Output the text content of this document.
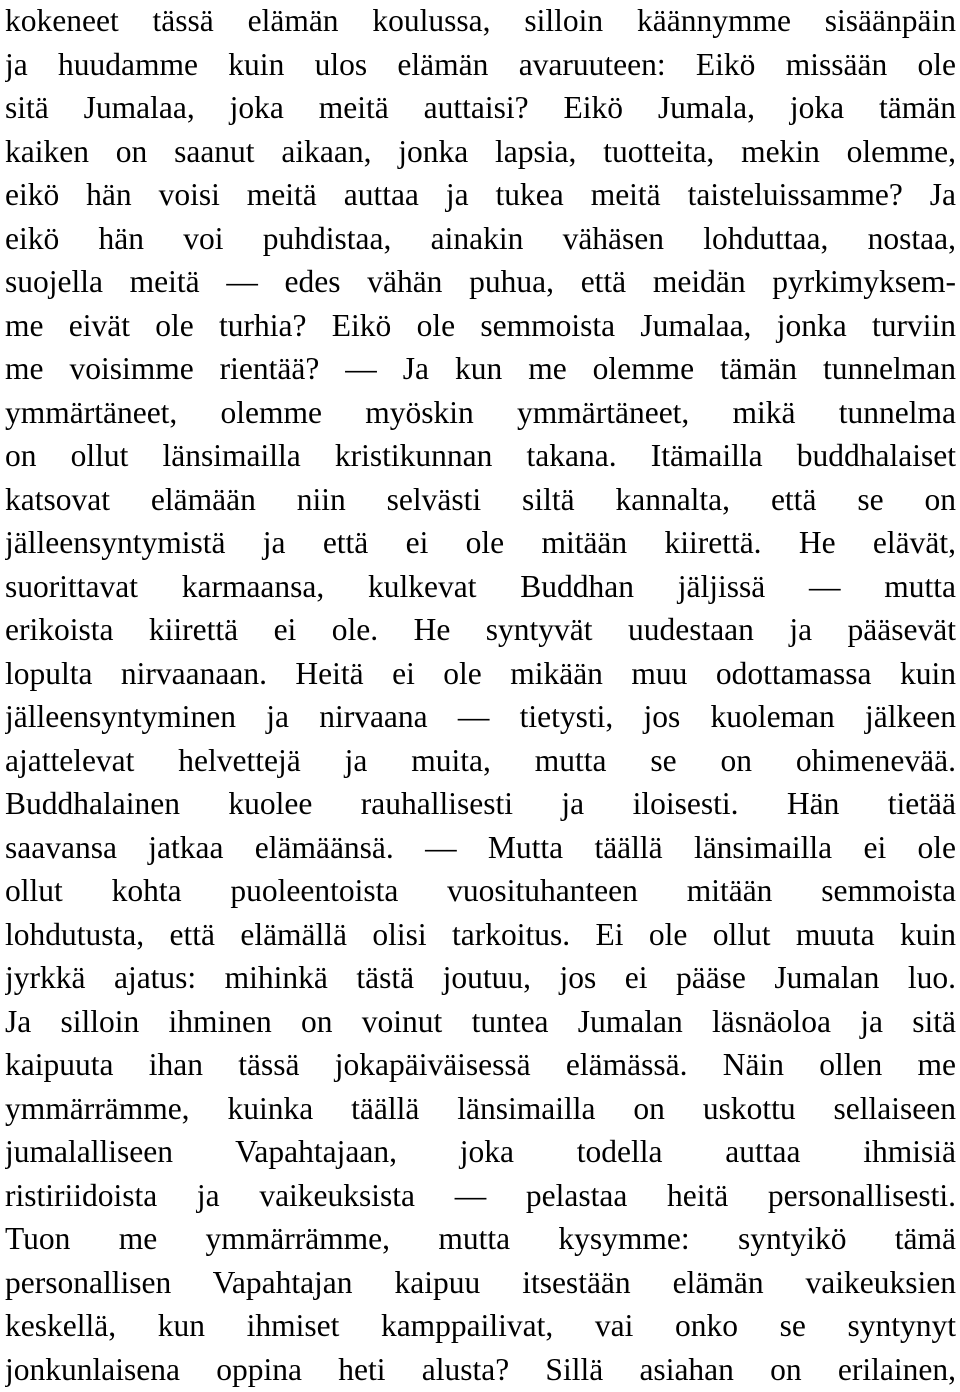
kokeneet tässä elämän koulussa, silloin käännymme sisäänpäin
ja huudamme kuin ulos elämän avaruuteen: Eikö missään ole
sitä Jumalaa, joka meitä auttaisi? Eikö Jumala, joka tämän
kaiken on saanut aikaan, jonka lapsia, tuotteita, mekin olemme,
eikö hän voisi meitä auttaa ja tukea meitä taisteluissamme? Ja
eikö hän voi puhdistaa, ainakin vähäsen lohduttaa, nostaa,
suojella meitä — edes vähän puhua, että meidän pyrkimyksem-
me eivät ole turhia? Eikö ole semmoista Jumalaa, jonka turviin
me voisimme rientää? — Ja kun me olemme tämän tunnelman
ymmärtäneet, olemme myöskin ymmärtäneet, mikä tunnelma
on ollut länsimailla kristikunnan takana. Itämailla buddhalaiset
katsovat elämään niin selvästi siltä kannalta, että se on
jälleensyntymistä ja että ei ole mitään kiirettä. He elävät,
suorittavat karmaansa, kulkevat Buddhan jäljissä — mutta
erikoista kiirettä ei ole. He syntyvät uudestaan ja pääsevät
lopulta nirvaanaan. Heitä ei ole mikään muu odottamassa kuin
jälleensyntyminen ja nirvaana — tietysti, jos kuoleman jälkeen
ajattelevat helvettejä ja muita, mutta se on ohimenevää.
Buddhalainen kuolee rauhallisesti ja iloisesti. Hän tietää
saavansa jatkaa elämäänsä. — Mutta täällä länsimailla ei ole
ollut kohta puoleentoista vuosituhanteen mitään semmoista
lohdutusta, että elämällä olisi tarkoitus. Ei ole ollut muuta kuin
jyrkkä ajatus: mihinkä tästä joutuu, jos ei pääse Jumalan luo.
Ja silloin ihminen on voinut tuntea Jumalan läsnäoloa ja sitä
kaipuuta ihan tässä jokapäiväisessä elämässä. Näin ollen me
ymmärrämme, kuinka täällä länsimailla on uskottu sellaiseen
jumalalliseen Vapahtajaan, joka todella auttaa ihmisiä
ristiriidoista ja vaikeuksista — pelastaa heitä personallisesti.
Tuon me ymmärrämme, mutta kysymme: syntyikö tämä
personallisen Vapahtajan kaipuu itsestään elämän vaikeuksien
keskellä, kun ihmiset kamppailivat, vai onko se syntynyt
jonkunlaisena oppina heti alusta? Sillä asiahan on erilainen,
